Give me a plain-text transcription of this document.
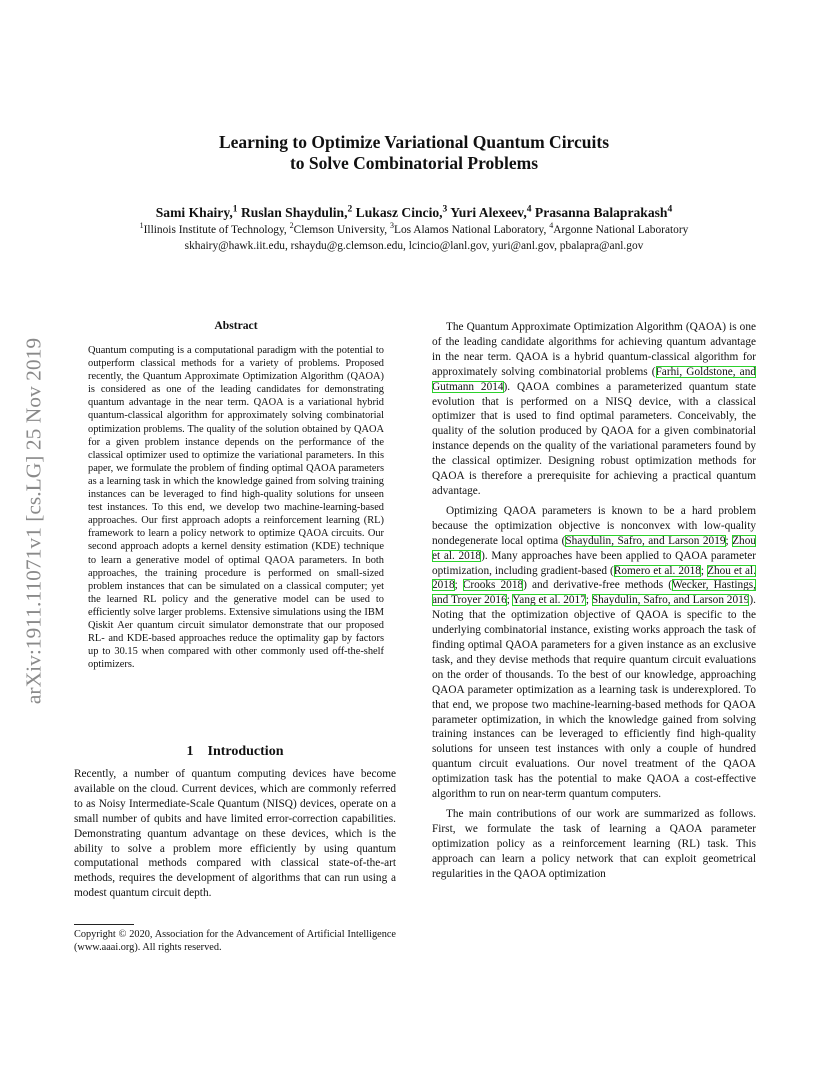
Learning to Optimize Variational Quantum Circuits
to Solve Combinatorial Problems
Sami Khairy,$^1$ Ruslan Shaydulin,$^2$ Lukasz Cincio,$^3$ Yuri Alexeev,$^4$ Prasanna Balaprakash$^4$
$^1$Illinois Institute of Technology, $^2$Clemson University, $^3$Los Alamos National Laboratory, $^4$Argonne National Laboratory
skhairy@hawk.iit.edu, rshaydu@g.clemson.edu, lcincio@lanl.gov, yuri@anl.gov, pbalapra@anl.gov
arXiv:1911.11071v1 [cs.LG] 25 Nov 2019
Abstract

Quantum computing is a computational paradigm with the potential to outperform classical methods for a variety of problems. Proposed recently, the Quantum Approximate Optimization Algorithm (QAOA) is considered as one of the leading candidates for demonstrating quantum advantage in the near term. QAOA is a variational hybrid quantum-classical algorithm for approximately solving combinatorial optimization problems. The quality of the solution obtained by QAOA for a given problem instance depends on the performance of the classical optimizer used to optimize the variational parameters. In this paper, we formulate the problem of finding optimal QAOA parameters as a learning task in which the knowledge gained from solving training instances can be leveraged to find high-quality solutions for unseen test instances. To this end, we develop two machine-learning-based approaches. Our first approach adopts a reinforcement learning (RL) framework to learn a policy network to optimize QAOA circuits. Our second approach adopts a kernel density estimation (KDE) technique to learn a generative model of optimal QAOA parameters. In both approaches, the training procedure is performed on small-sized problem instances that can be simulated on a classical computer; yet the learned RL policy and the generative model can be used to efficiently solve larger problems. Extensive simulations using the IBM Qiskit Aer quantum circuit simulator demonstrate that our proposed RL- and KDE-based approaches reduce the optimality gap by factors up to 30.15 when compared with other commonly used off-the-shelf optimizers.

1 Introduction

Recently, a number of quantum computing devices have become available on the cloud. Current devices, which are commonly referred to as Noisy Intermediate-Scale Quantum (NISQ) devices, operate on a small number of qubits and have limited error-correction capabilities. Demonstrating quantum advantage on these devices, which is the ability to solve a problem more efficiently by using quantum computational methods compared with classical state-of-the-art methods, requires the development of algorithms that can run using a modest quantum circuit depth.

Copyright © 2020, Association for the Advancement of Artificial Intelligence (www.aaai.org). All rights reserved.

The Quantum Approximate Optimization Algorithm (QAOA) is one of the leading candidate algorithms for achieving quantum advantage in the near term. QAOA is a hybrid quantum-classical algorithm for approximately solving combinatorial problems (Farhi, Goldstone, and Gutmann 2014). QAOA combines a parameterized quantum state evolution that is performed on a NISQ device, with a classical optimizer that is used to find optimal parameters. Conceivably, the quality of the solution produced by QAOA for a given combinatorial instance depends on the quality of the variational parameters found by the classical optimizer. Designing robust optimization methods for QAOA is therefore a prerequisite for achieving a practical quantum advantage.

Optimizing QAOA parameters is known to be a hard problem because the optimization objective is nonconvex with low-quality nondegenerate local optima (Shaydulin, Safro, and Larson 2019; Zhou et al. 2018). Many approaches have been applied to QAOA parameter optimization, including gradient-based (Romero et al. 2018; Zhou et al. 2018; Crooks 2018) and derivative-free methods (Wecker, Hastings, and Troyer 2016; Yang et al. 2017; Shaydulin, Safro, and Larson 2019). Noting that the optimization objective of QAOA is specific to the underlying combinatorial instance, existing works approach the task of finding optimal QAOA parameters for a given instance as an exclusive task, and they devise methods that require quantum circuit evaluations on the order of thousands. To the best of our knowledge, approaching QAOA parameter optimization as a learning task is underexplored. To that end, we propose two machine-learning-based methods for QAOA parameter optimization, in which the knowledge gained from solving training instances can be leveraged to efficiently find high-quality solutions for unseen test instances with only a couple of hundred quantum circuit evaluations. Our novel treatment of the QAOA optimization task has the potential to make QAOA a cost-effective algorithm to run on near-term quantum computers.

The main contributions of our work are summarized as follows. First, we formulate the task of learning a QAOA parameter optimization policy as a reinforcement learning (RL) task. This approach can learn a policy network that can exploit geometrical regularities in the QAOA optimization
